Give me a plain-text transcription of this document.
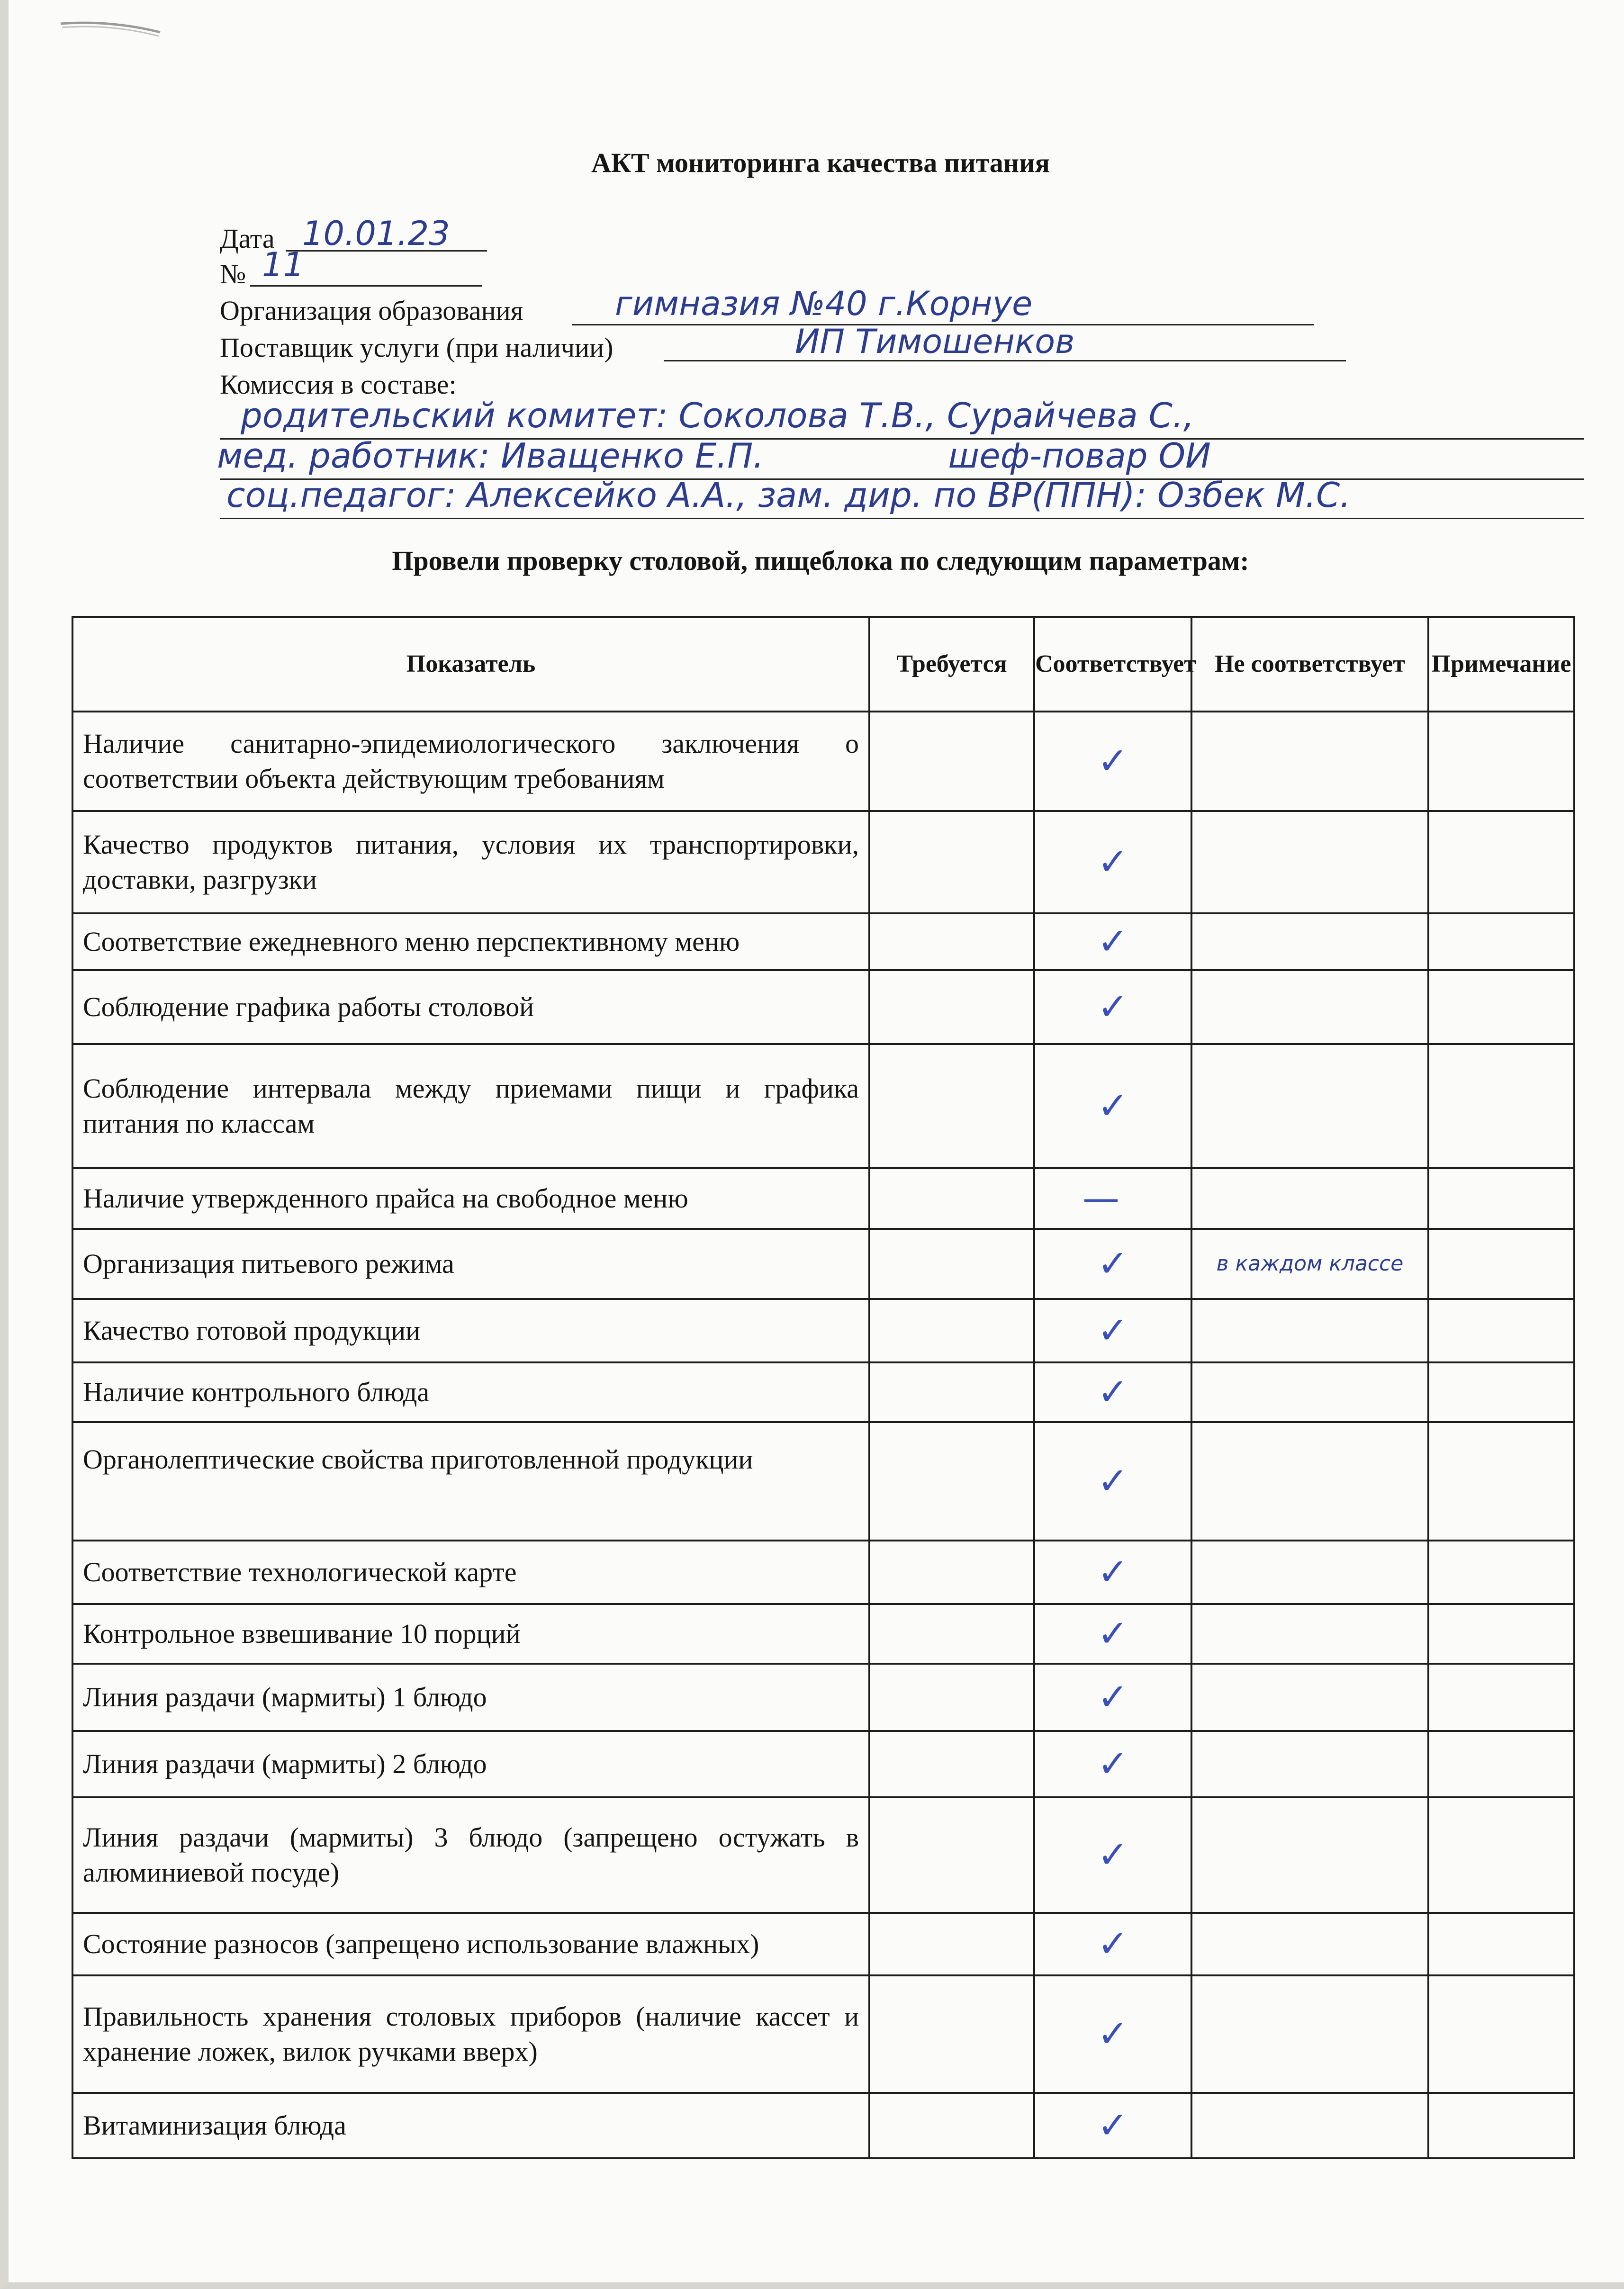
АКТ мониторинга качества питания
Дата 10.01.23
№ 11
Организация образования	гимназия №40 г.Корнуе
Поставщик услуги (при наличии)	ИП Тимошенков
Комиссия в составе:
родительский комитет: Соколова Т.В., Сурайчева С.,
мед. работник: Иващенко Е.П.                 шеф-повар ОИ
соц.педагог: Алексейко А.А., зам. дир. по ВР(ППН): Озбек М.С.
Провели проверку столовой, пищеблока по следующим параметрам:
Показатель	Требуется	Соответствует	Не соответствует	Примечание
Наличие санитарно-эпидемиологического заключения о соответствии объекта действующим требованиям		✓		
Качество продуктов питания, условия их транспортировки, доставки, разгрузки		✓		
Соответствие ежедневного меню перспективному меню		✓		
Соблюдение графика работы столовой		✓		
Соблюдение интервала между приемами пищи и графика питания по классам		✓		
Наличие утвержденного прайса на свободное меню		—		
Организация питьевого режима		✓	в каждом классе	
Качество готовой продукции		✓		
Наличие контрольного блюда		✓		
Органолептические свойства приготовленной продукции		✓		
Соответствие технологической карте		✓		
Контрольное взвешивание 10 порций		✓		
Линия раздачи (мармиты) 1 блюдо		✓		
Линия раздачи (мармиты) 2 блюдо		✓		
Линия раздачи (мармиты) 3 блюдо (запрещено остужать в алюминиевой посуде)		✓		
Состояние разносов (запрещено использование влажных)		✓		
Правильность хранения столовых приборов (наличие кассет и хранение ложек, вилок ручками вверх)		✓		
Витаминизация блюда		✓		
